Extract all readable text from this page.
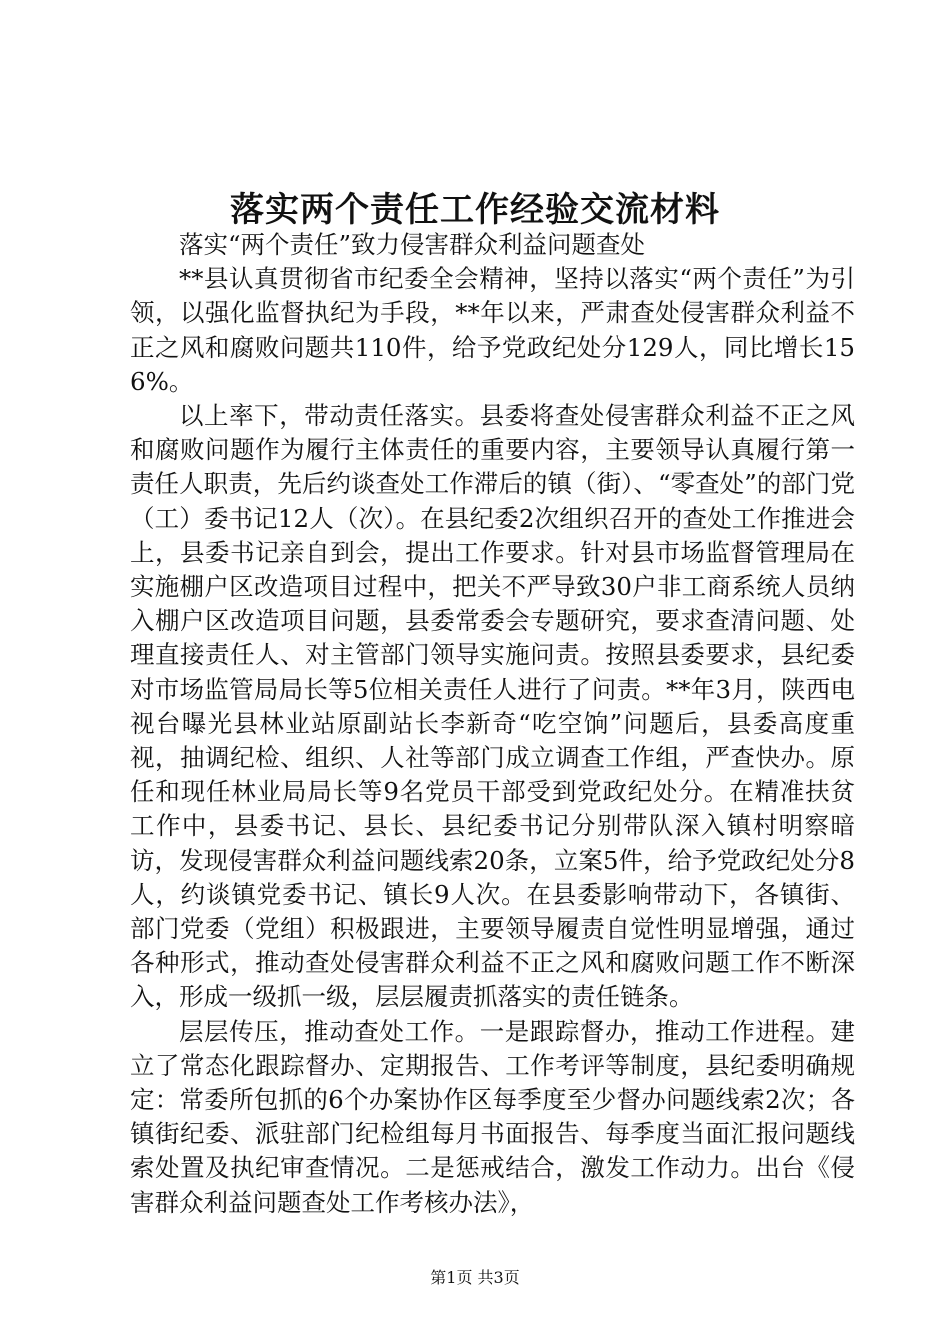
落实两个责任工作经验交流材料

落实“两个责任”致力侵害群众利益问题查处

**县认真贯彻省市纪委全会精神，坚持以落实“两个责任”为引领，以强化监督执纪为手段，**年以来，严肃查处侵害群众利益不正之风和腐败问题共110件，给予党政纪处分129人，同比增长156%。

以上率下，带动责任落实。县委将查处侵害群众利益不正之风和腐败问题作为履行主体责任的重要内容，主要领导认真履行第一责任人职责，先后约谈查处工作滞后的镇（街）、“零查处”的部门党（工）委书记12人（次）。在县纪委2次组织召开的查处工作推进会上，县委书记亲自到会，提出工作要求。针对县市场监督管理局在实施棚户区改造项目过程中，把关不严导致30户非工商系统人员纳入棚户区改造项目问题，县委常委会专题研究，要求查清问题、处理直接责任人、对主管部门领导实施问责。按照县委要求，县纪委对市场监管局局长等5位相关责任人进行了问责。**年3月，陕西电视台曝光县林业站原副站长李新奇“吃空饷”问题后，县委高度重视，抽调纪检、组织、人社等部门成立调查工作组，严查快办。原任和现任林业局局长等9名党员干部受到党政纪处分。在精准扶贫工作中，县委书记、县长、县纪委书记分别带队深入镇村明察暗访，发现侵害群众利益问题线索20条，立案5件，给予党政纪处分8人，约谈镇党委书记、镇长9人次。在县委影响带动下，各镇街、部门党委（党组）积极跟进，主要领导履责自觉性明显增强，通过各种形式，推动查处侵害群众利益不正之风和腐败问题工作不断深入，形成一级抓一级，层层履责抓落实的责任链条。

层层传压，推动查处工作。一是跟踪督办，推动工作进程。建立了常态化跟踪督办、定期报告、工作考评等制度，县纪委明确规定：常委所包抓的6个办案协作区每季度至少督办问题线索2次；各镇街纪委、派驻部门纪检组每月书面报告、每季度当面汇报问题线索处置及执纪审查情况。二是惩戒结合，激发工作动力。出台《侵害群众利益问题查处工作考核办法》，

第1页 共3页
